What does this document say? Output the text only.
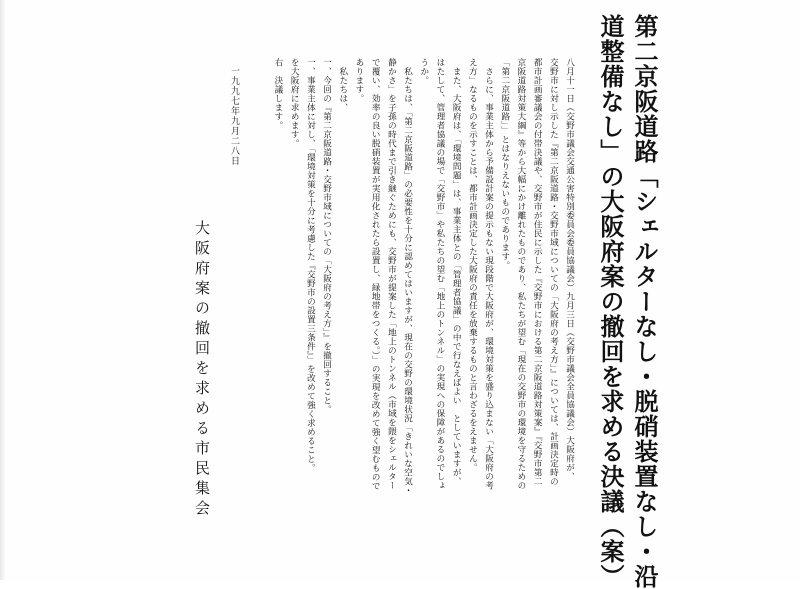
第二京阪道路「シェルターなし・脱硝装置なし・沿
道整備なし」の大阪府案の撤回を求める決議（案）
八月十一日（交野市議会交通公害特別委員会委員協議会）九月三日（交野市議会全員協議会）大阪府が、
交野市に対し示した『第二京阪道路・交野市域についての「大阪府の考え方」』については、計画決定時の
都市計画審議会の付帯決議や、交野市が住民に示した『交野市における第二京阪道路対策案』『交野市第二
京阪道路対策大綱』等から大幅にかけ離れたものであり、私たちが望む「現在の交野市の環境を守るための
「第二京阪道路」」とはなりえないものであります。
　さらに、事業主体から予備設計案の提示もない現段階で大阪府が、環境対策を盛り込まない「大阪府の考
え方」なるものを示すことは、都市計画決定した大阪府の責任を放棄するものと言わざるをえません。
　また、大阪府は、「環境問題」は、事業主体との「管理者協議」の中で行なえばよい　としていますが、
はたして、管理者協議の場で「交野市」や私たちの望む「地上のトンネル」の実現への保障があるのでしょ
うか。
　私たちは、「第二京阪道路」の必要性を十分に認めてはいますが、現在の交野の環境状況「きれいな空気・
静かさ」を子孫の時代まで引き継ぐためにも、交野市が提案した「地上のトンネル（市域を隈をシェルター
で覆い、効率の良い脱硝装置が実用化されたら設置し、緑地帯をつくる。）」の実現を改めて強く望むもので
あります。
　私たちは、
一、今回の『第二京阪道路・交野市域についての「大阪府の考え方」』を撤回すること。
一、事業主体に対し、「環境対策を十分に考慮した『交野市の設置三条件』」を改めて強く求めること。
を大阪府に求めます。
右　決議します。
一九九七年九月二八日
大阪府案の撤回を求める市民集会
